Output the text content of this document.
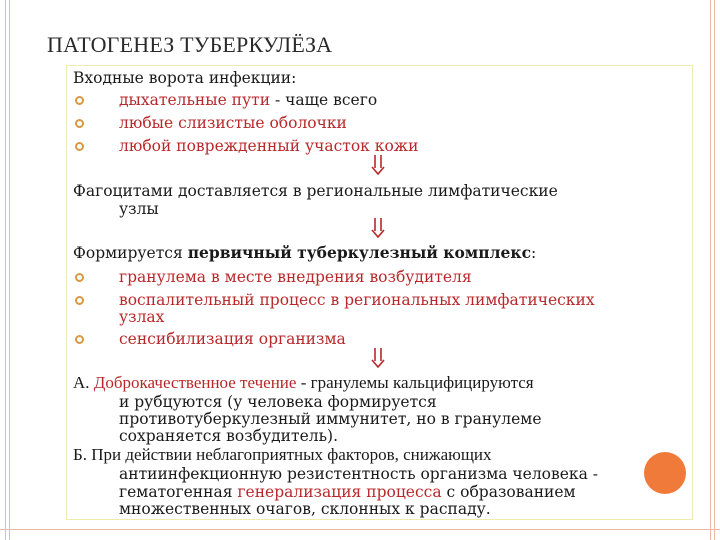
ПАТОГЕНЕЗ ТУБЕРКУЛЁЗА
Входные ворота инфекции:
дыхательные пути - чаще всего
любые слизистые оболочки
любой поврежденный участок кожи
Фагоцитами доставляется в региональные лимфатические
узлы
Формируется первичный туберкулезный комплекс:
гранулема в месте внедрения возбудителя
воспалительный процесс в региональных лимфатических
узлах
сенсибилизация организма
А. Доброкачественное течение - гранулемы кальцифицируются
и рубцуются (у человека формируется
противотуберкулезный иммунитет, но в гранулеме
сохраняется возбудитель).
Б. При действии неблагоприятных факторов, снижающих
антиинфекционную резистентность организма человека -
гематогенная генерализация процесса с образованием
множественных очагов, склонных к распаду.
